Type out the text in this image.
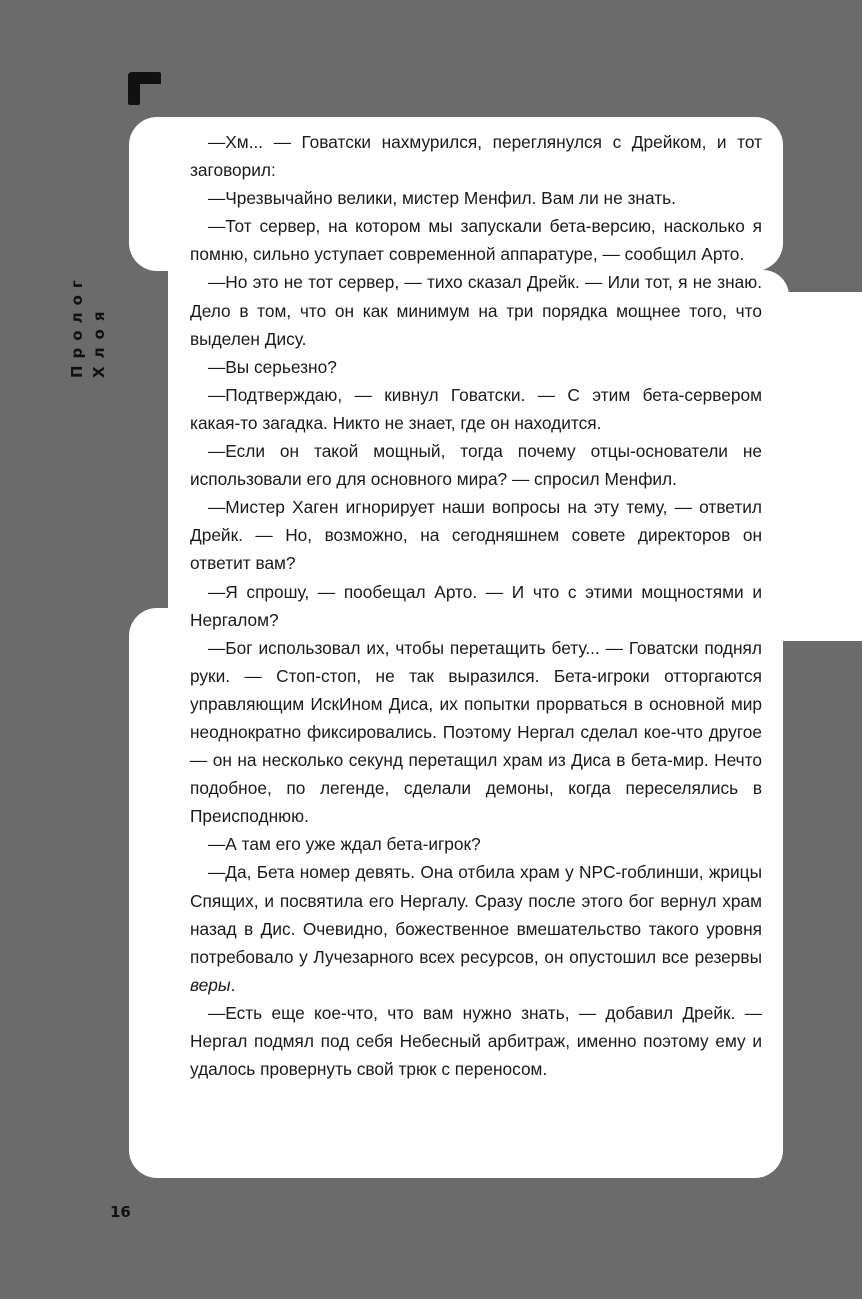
Пролог Хлоя

—Хм... — Говатски нахмурился, переглянулся с Дрейком, и тот заговорил:

—Чрезвычайно велики, мистер Менфил. Вам ли не знать.

—Тот сервер, на котором мы запускали бета-версию, насколько я помню, сильно уступает современной аппаратуре, — сообщил Арто.

—Но это не тот сервер, — тихо сказал Дрейк. — Или тот, я не знаю. Дело в том, что он как минимум на три порядка мощнее того, что выделен Дису.

—Вы серьезно?

—Подтверждаю, — кивнул Говатски. — С этим бета-сервером какая-то загадка. Никто не знает, где он находится.

—Если он такой мощный, тогда почему отцы-основатели не использовали его для основного мира? — спросил Менфил.

—Мистер Хаген игнорирует наши вопросы на эту тему, — ответил Дрейк. — Но, возможно, на сегодняшнем совете директоров он ответит вам?

—Я спрошу, — пообещал Арто. — И что с этими мощностями и Нергалом?

—Бог использовал их, чтобы перетащить бету... — Говатски поднял руки. — Стоп-стоп, не так выразился. Бета-игроки отторгаются управляющим ИскИном Диса, их попытки прорваться в основной мир неоднократно фиксировались. Поэтому Нергал сделал кое-что другое — он на несколько секунд перетащил храм из Диса в бета-мир. Нечто подобное, по легенде, сделали демоны, когда переселялись в Преисподнюю.

—А там его уже ждал бета-игрок?

—Да, Бета номер девять. Она отбила храм у NPC-гоблинши, жрицы Спящих, и посвятила его Нергалу. Сразу после этого бог вернул храм назад в Дис. Очевидно, божественное вмешательство такого уровня потребовало у Лучезарного всех ресурсов, он опустошил все резервы веры.

—Есть еще кое-что, что вам нужно знать, — добавил Дрейк. — Нергал подмял под себя Небесный арбитраж, именно поэтому ему и удалось провернуть свой трюк с переносом.

16
